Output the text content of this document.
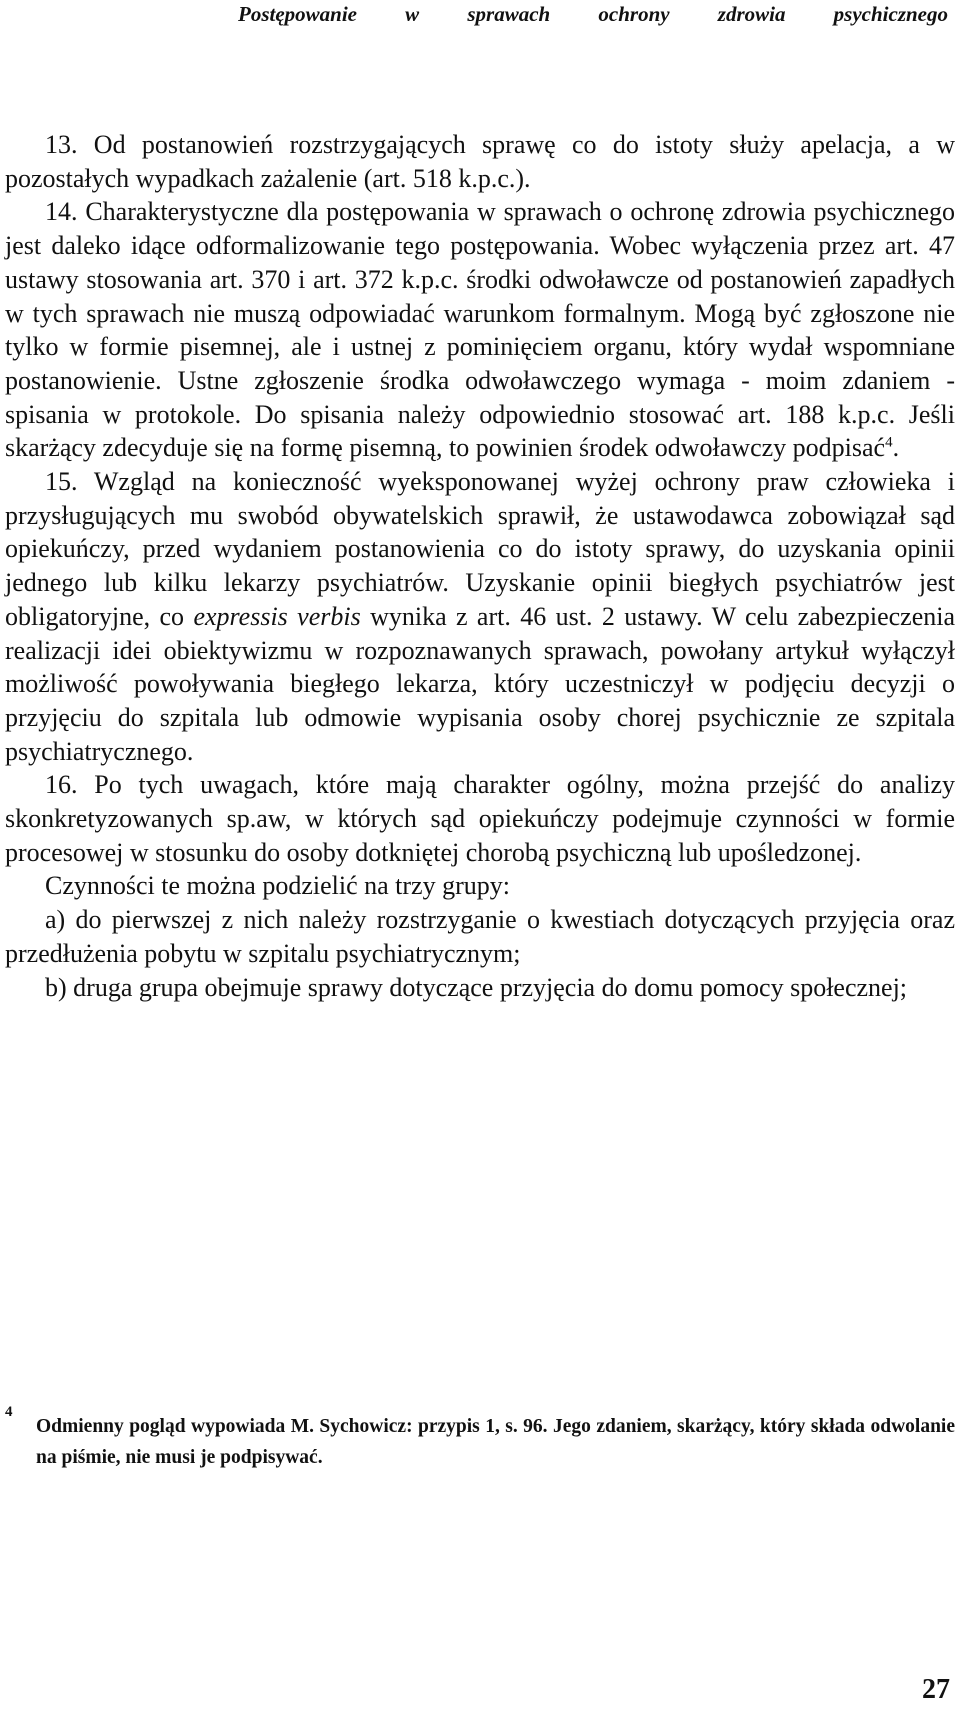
Postępowanie w sprawach ochrony zdrowia psychicznego

13. Od postanowień rozstrzygających sprawę co do istoty służy apelacja, a w pozostałych wypadkach zażalenie (art. 518 k.p.c.).

14. Charakterystyczne dla postępowania w sprawach o ochronę zdrowia psychicznego jest daleko idące odformalizowanie tego postępowania. Wobec wyłączenia przez art. 47 ustawy stosowania art. 370 i art. 372 k.p.c. środki odwoławcze od postanowień zapadłych w tych sprawach nie muszą odpowiadać warunkom formalnym. Mogą być zgłoszone nie tylko w formie pisemnej, ale i ustnej z pominięciem organu, który wydał wspomniane postanowienie. Ustne zgłoszenie środka odwoławczego wymaga - moim zdaniem - spisania w protokole. Do spisania należy odpowiednio stosować art. 188 k.p.c. Jeśli skarżący zdecyduje się na formę pisemną, to powinien środek odwoławczy podpisać$^4$.

15. Wzgląd na konieczność wyeksponowanej wyżej ochrony praw człowieka i przysługujących mu swobód obywatelskich sprawił, że ustawodawca zobowiązał sąd opiekuńczy, przed wydaniem postanowienia co do istoty sprawy, do uzyskania opinii jednego lub kilku lekarzy psychiatrów. Uzyskanie opinii biegłych psychiatrów jest obligatoryjne, co expressis verbis wynika z art. 46 ust. 2 ustawy. W celu zabezpieczenia realizacji idei obiektywizmu w rozpoznawanych sprawach, powołany artykuł wyłączył możliwość powoływania biegłego lekarza, który uczestniczył w podjęciu decyzji o przyjęciu do szpitala lub odmowie wypisania osoby chorej psychicznie ze szpitala psychiatrycznego.

16. Po tych uwagach, które mają charakter ogólny, można przejść do analizy skonkretyzowanych sp.aw, w których sąd opiekuńczy podejmuje czynności w formie procesowej w stosunku do osoby dotkniętej chorobą psychiczną lub upośledzonej.

Czynności te można podzielić na trzy grupy:

a) do pierwszej z nich należy rozstrzyganie o kwestiach dotyczących przyjęcia oraz przedłużenia pobytu w szpitalu psychiatrycznym;

b) druga grupa obejmuje sprawy dotyczące przyjęcia do domu pomocy społecznej;

4

Odmienny pogląd wypowiada M. Sychowicz: przypis 1, s. 96. Jego zdaniem, skarżący, który składa odwolanie na piśmie, nie musi je podpisywać.

27
